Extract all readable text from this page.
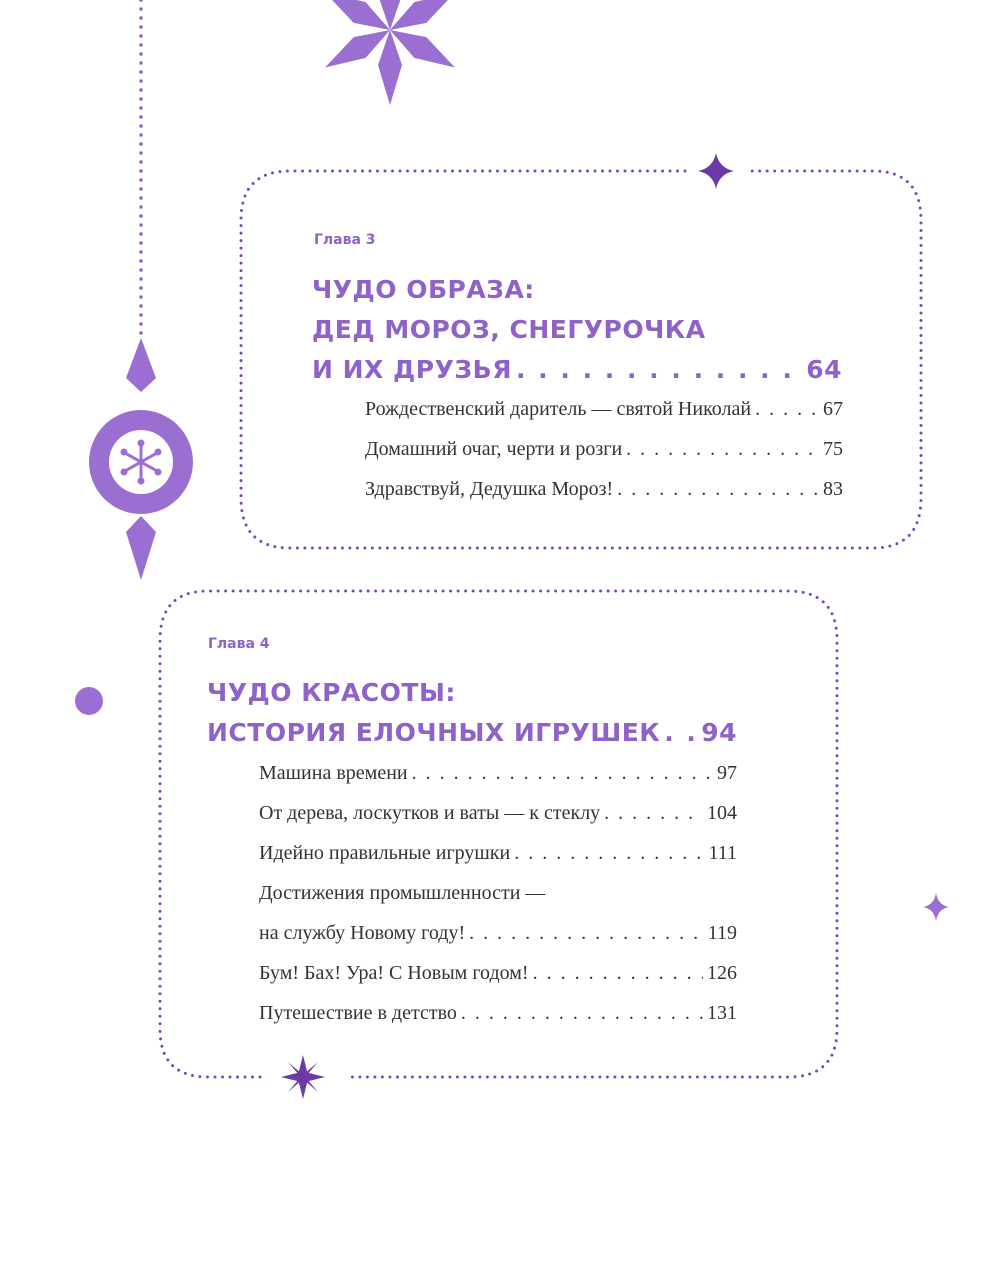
Глава 3
ЧУДО ОБРАЗА:
ДЕД МОРОЗ, СНЕГУРОЧКА
И ИХ ДРУЗЬЯ . . .	64
Рождественский даритель — святой Николай . . .	67
Домашний очаг, черти и розги . . .	75
Здравствуй, Дедушка Мороз! . . .	83
Глава 4
ЧУДО КРАСОТЫ:
ИСТОРИЯ ЕЛОЧНЫХ ИГРУШЕК . . . 94
Машина времени . . .	97
От дерева, лоскутков и ваты — к стеклу . . .	104
Идейно правильные игрушки . . .	111
Достижения промышленности —
на службу Новому году! . . .	119
Бум! Бах! Ура! С Новым годом! . . .	126
Путешествие в детство . . .	131
